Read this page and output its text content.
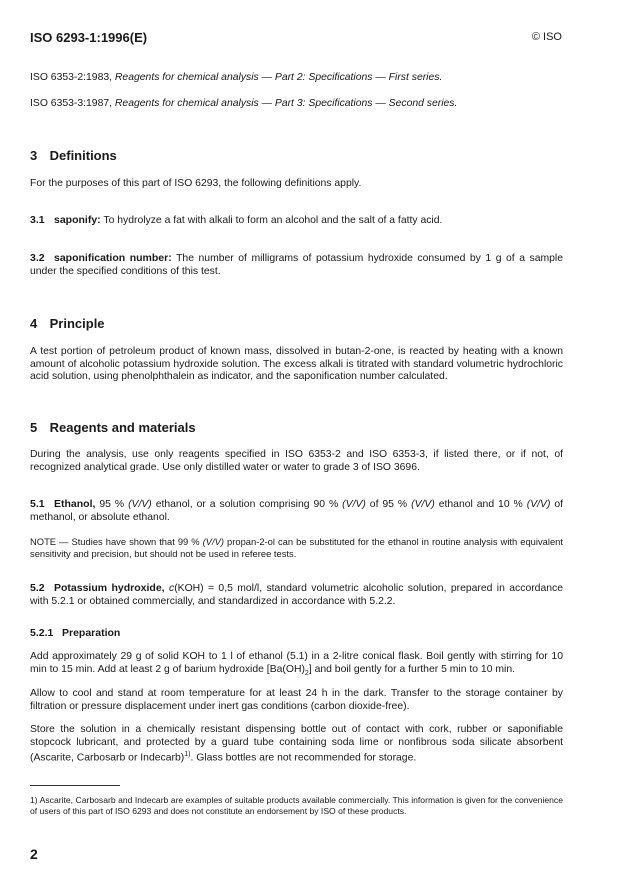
ISO 6293-1:1996(E)	© ISO
ISO 6353-2:1983, Reagents for chemical analysis — Part 2: Specifications — First series.
ISO 6353-3:1987, Reagents for chemical analysis — Part 3: Specifications — Second series.
3 Definitions
For the purposes of this part of ISO 6293, the following definitions apply.
3.1 saponify: To hydrolyze a fat with alkali to form an alcohol and the salt of a fatty acid.
3.2 saponification number: The number of milligrams of potassium hydroxide consumed by 1 g of a sample under the specified conditions of this test.
4 Principle
A test portion of petroleum product of known mass, dissolved in butan-2-one, is reacted by heating with a known amount of alcoholic potassium hydroxide solution. The excess alkali is titrated with standard volumetric hydrochloric acid solution, using phenolphthalein as indicator, and the saponification number calculated.
5 Reagents and materials
During the analysis, use only reagents specified in ISO 6353-2 and ISO 6353-3, if listed there, or if not, of recognized analytical grade. Use only distilled water or water to grade 3 of ISO 3696.
5.1 Ethanol, 95 % (V/V) ethanol, or a solution comprising 90 % (V/V) of 95 % (V/V) ethanol and 10 % (V/V) of methanol, or absolute ethanol.
NOTE — Studies have shown that 99 % (V/V) propan-2-ol can be substituted for the ethanol in routine analysis with equivalent sensitivity and precision, but should not be used in referee tests.
5.2 Potassium hydroxide, c(KOH) = 0,5 mol/l, standard volumetric alcoholic solution, prepared in accordance with 5.2.1 or obtained commercially, and standardized in accordance with 5.2.2.
5.2.1 Preparation
Add approximately 29 g of solid KOH to 1 l of ethanol (5.1) in a 2-litre conical flask. Boil gently with stirring for 10 min to 15 min. Add at least 2 g of barium hydroxide $[Ba(OH)_2]$ and boil gently for a further 5 min to 10 min.
Allow to cool and stand at room temperature for at least 24 h in the dark. Transfer to the storage container by filtration or pressure displacement under inert gas conditions (carbon dioxide-free).
Store the solution in a chemically resistant dispensing bottle out of contact with cork, rubber or saponifiable stopcock lubricant, and protected by a guard tube containing soda lime or nonfibrous soda silicate absorbent (Ascarite, Carbosarb or Indecarb)$^{1)}$. Glass bottles are not recommended for storage.
1) Ascarite, Carbosarb and Indecarb are examples of suitable products available commercially. This information is given for the convenience of users of this part of ISO 6293 and does not constitute an endorsement by ISO of these products.
2
